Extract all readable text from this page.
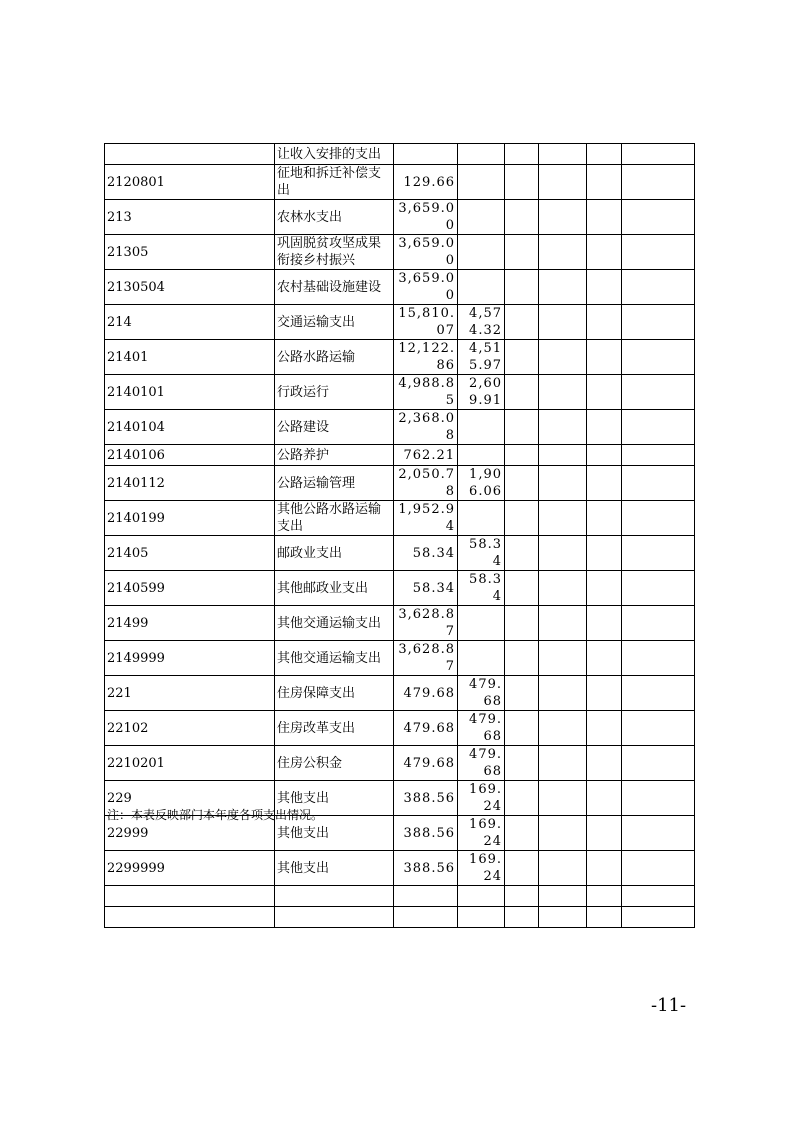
	让收入安排的支出						
2120801	征地和拆迁补偿支出	129.66					
213	农林水支出	3,659.00					
21305	巩固脱贫攻坚成果衔接乡村振兴	3,659.00					
2130504	农村基础设施建设	3,659.00					
214	交通运输支出	15,810.07	4,574.32				
21401	公路水路运输	12,122.86	4,515.97				
2140101	行政运行	4,988.85	2,609.91				
2140104	公路建设	2,368.08					
2140106	公路养护	762.21					
2140112	公路运输管理	2,050.78	1,906.06				
2140199	其他公路水路运输支出	1,952.94					
21405	邮政业支出	58.34	58.34				
2140599	其他邮政业支出	58.34	58.34				
21499	其他交通运输支出	3,628.87					
2149999	其他交通运输支出	3,628.87					
221	住房保障支出	479.68	479.68				
22102	住房改革支出	479.68	479.68				
2210201	住房公积金	479.68	479.68				
229	其他支出	388.56	169.24				
22999	其他支出	388.56	169.24				
2299999	其他支出	388.56	169.24				

注：本表反映部门本年度各项支出情况。
-11-
